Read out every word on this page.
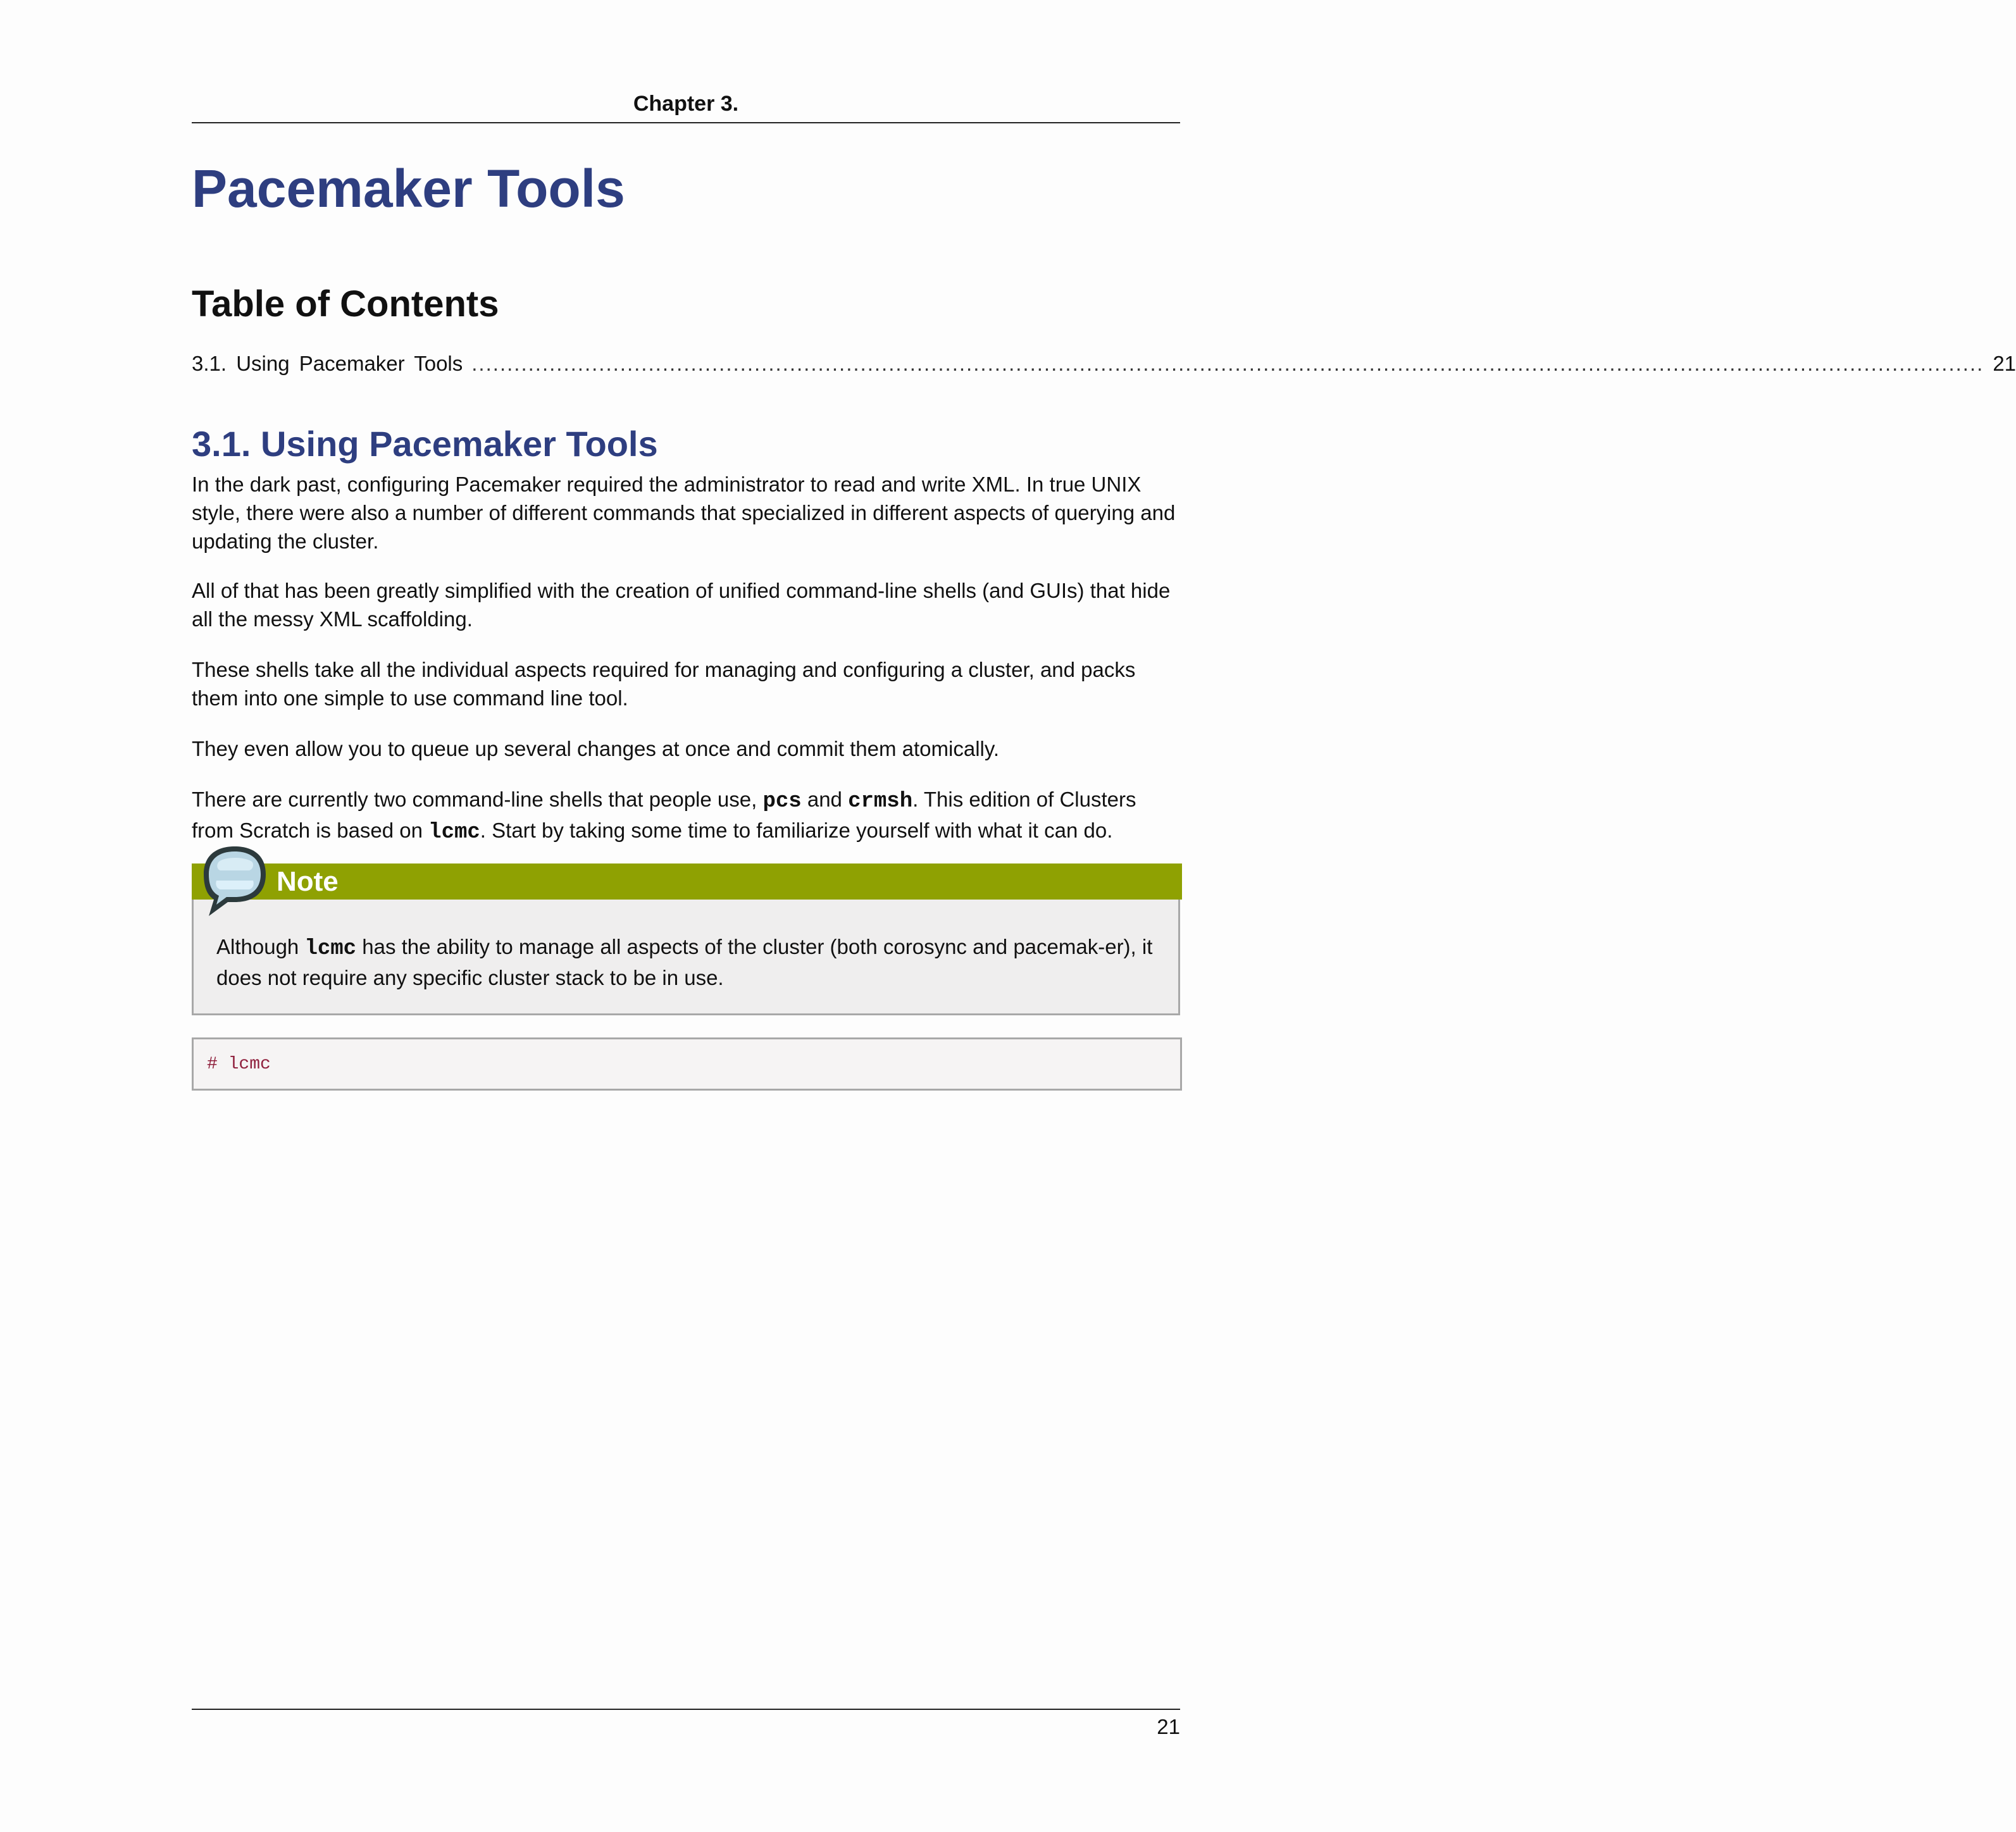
Chapter 3.
Pacemaker Tools
Table of Contents
3.1. Using Pacemaker Tools ...................................................................................................................................................................................................................... 21
3.1. Using Pacemaker Tools

In the dark past, configuring Pacemaker required the administrator to read and write XML. In true UNIX style, there were also a number of different commands that specialized in different aspects of querying and updating the cluster.

All of that has been greatly simplified with the creation of unified command-line shells (and GUIs) that hide all the messy XML scaffolding.

These shells take all the individual aspects required for managing and configuring a cluster, and packs them into one simple to use command line tool.

They even allow you to queue up several changes at once and commit them atomically.

There are currently two command-line shells that people use, pcs and crmsh. This edition of Clusters from Scratch is based on lcmc. Start by taking some time to familiarize yourself with what it can do.

Note

Although lcmc has the ability to manage all aspects of the cluster (both corosync and pacemak-er), it does not require any specific cluster stack to be in use.

# lcmc
21
